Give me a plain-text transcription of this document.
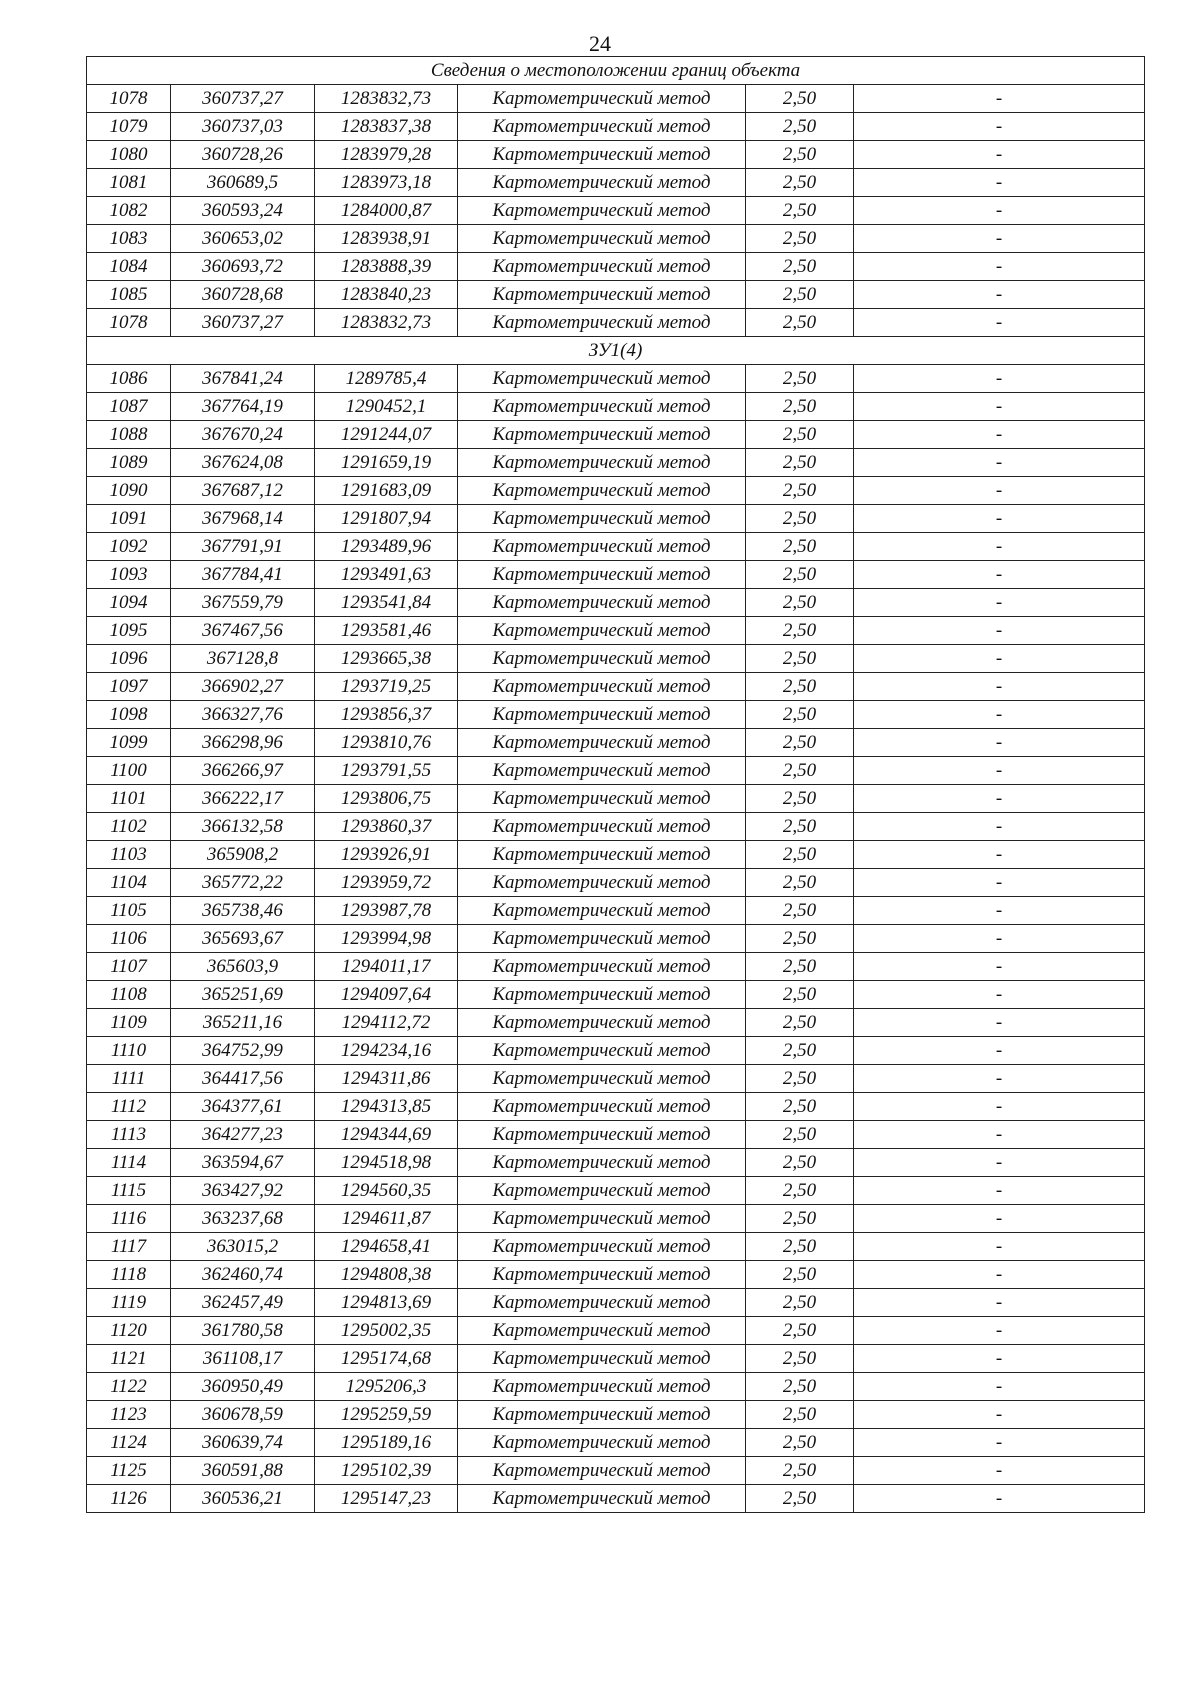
24
Сведения о местоположении границ объекта					
1078	360737,27	1283832,73	Картометрический метод	2,50	-
1079	360737,03	1283837,38	Картометрический метод	2,50	-
1080	360728,26	1283979,28	Картометрический метод	2,50	-
1081	360689,5	1283973,18	Картометрический метод	2,50	-
1082	360593,24	1284000,87	Картометрический метод	2,50	-
1083	360653,02	1283938,91	Картометрический метод	2,50	-
1084	360693,72	1283888,39	Картометрический метод	2,50	-
1085	360728,68	1283840,23	Картометрический метод	2,50	-
1078	360737,27	1283832,73	Картометрический метод	2,50	-
ЗУ1(4)					
1086	367841,24	1289785,4	Картометрический метод	2,50	-
1087	367764,19	1290452,1	Картометрический метод	2,50	-
1088	367670,24	1291244,07	Картометрический метод	2,50	-
1089	367624,08	1291659,19	Картометрический метод	2,50	-
1090	367687,12	1291683,09	Картометрический метод	2,50	-
1091	367968,14	1291807,94	Картометрический метод	2,50	-
1092	367791,91	1293489,96	Картометрический метод	2,50	-
1093	367784,41	1293491,63	Картометрический метод	2,50	-
1094	367559,79	1293541,84	Картометрический метод	2,50	-
1095	367467,56	1293581,46	Картометрический метод	2,50	-
1096	367128,8	1293665,38	Картометрический метод	2,50	-
1097	366902,27	1293719,25	Картометрический метод	2,50	-
1098	366327,76	1293856,37	Картометрический метод	2,50	-
1099	366298,96	1293810,76	Картометрический метод	2,50	-
1100	366266,97	1293791,55	Картометрический метод	2,50	-
1101	366222,17	1293806,75	Картометрический метод	2,50	-
1102	366132,58	1293860,37	Картометрический метод	2,50	-
1103	365908,2	1293926,91	Картометрический метод	2,50	-
1104	365772,22	1293959,72	Картометрический метод	2,50	-
1105	365738,46	1293987,78	Картометрический метод	2,50	-
1106	365693,67	1293994,98	Картометрический метод	2,50	-
1107	365603,9	1294011,17	Картометрический метод	2,50	-
1108	365251,69	1294097,64	Картометрический метод	2,50	-
1109	365211,16	1294112,72	Картометрический метод	2,50	-
1110	364752,99	1294234,16	Картометрический метод	2,50	-
1111	364417,56	1294311,86	Картометрический метод	2,50	-
1112	364377,61	1294313,85	Картометрический метод	2,50	-
1113	364277,23	1294344,69	Картометрический метод	2,50	-
1114	363594,67	1294518,98	Картометрический метод	2,50	-
1115	363427,92	1294560,35	Картометрический метод	2,50	-
1116	363237,68	1294611,87	Картометрический метод	2,50	-
1117	363015,2	1294658,41	Картометрический метод	2,50	-
1118	362460,74	1294808,38	Картометрический метод	2,50	-
1119	362457,49	1294813,69	Картометрический метод	2,50	-
1120	361780,58	1295002,35	Картометрический метод	2,50	-
1121	361108,17	1295174,68	Картометрический метод	2,50	-
1122	360950,49	1295206,3	Картометрический метод	2,50	-
1123	360678,59	1295259,59	Картометрический метод	2,50	-
1124	360639,74	1295189,16	Картометрический метод	2,50	-
1125	360591,88	1295102,39	Картометрический метод	2,50	-
1126	360536,21	1295147,23	Картометрический метод	2,50	-
